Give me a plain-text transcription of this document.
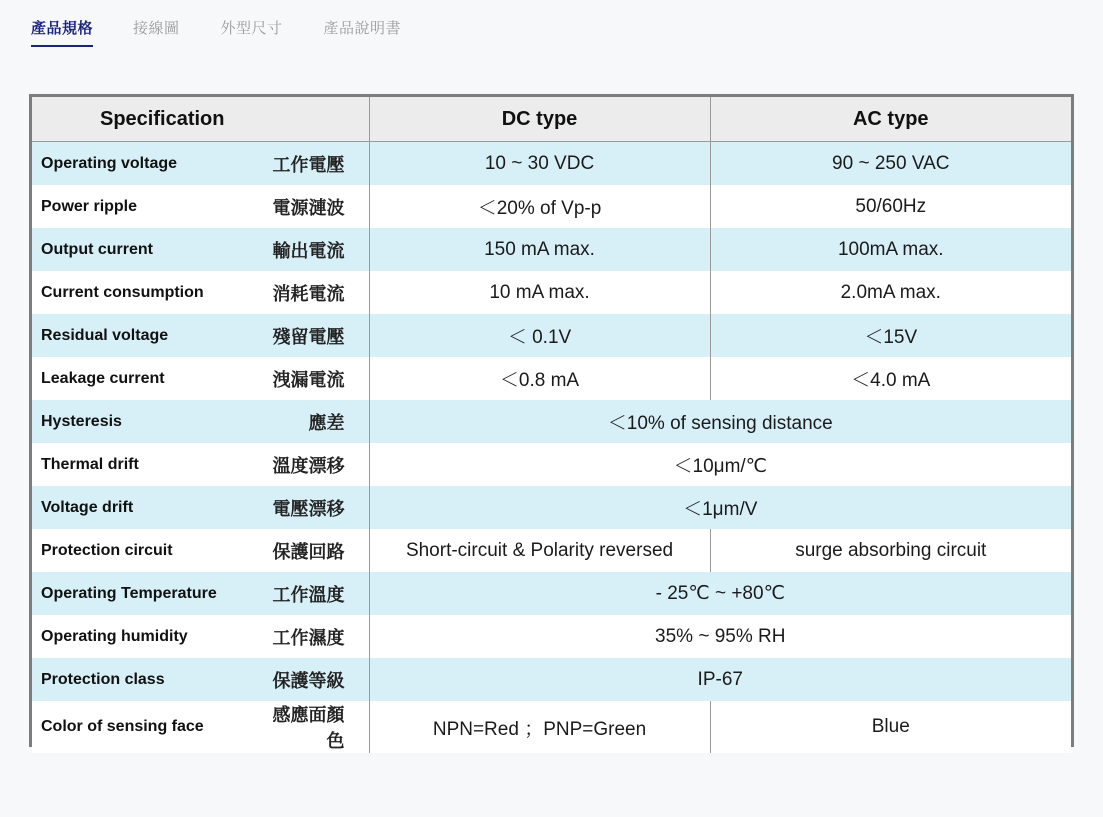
產品規格	接線圖	外型尺寸	產品說明書
Specification		DC type	AC type
Operating voltage	工作電壓	10 ~ 30 VDC	90 ~ 250 VAC
Power ripple	電源漣波	＜20% of Vp-p	50/60Hz
Output current	輸出電流	150 mA max.	100mA max.
Current consumption	消耗電流	10 mA max.	2.0mA max.
Residual voltage	殘留電壓	＜ 0.1V	＜15V
Leakage current	洩漏電流	＜0.8 mA	＜4.0 mA
Hysteresis	應差	＜10% of sensing distance	
Thermal drift	溫度漂移	＜10μm/℃	
Voltage drift	電壓漂移	＜1μm/V	
Protection circuit	保護回路	Short-circuit & Polarity reversed	surge absorbing circuit
Operating Temperature	工作溫度	- 25℃ ~ +80℃	
Operating humidity	工作濕度	35% ~ 95% RH	
Protection class	保護等級	IP-67	
Color of sensing face	感應面顏色	NPN=Red ；PNP=Green	Blue
